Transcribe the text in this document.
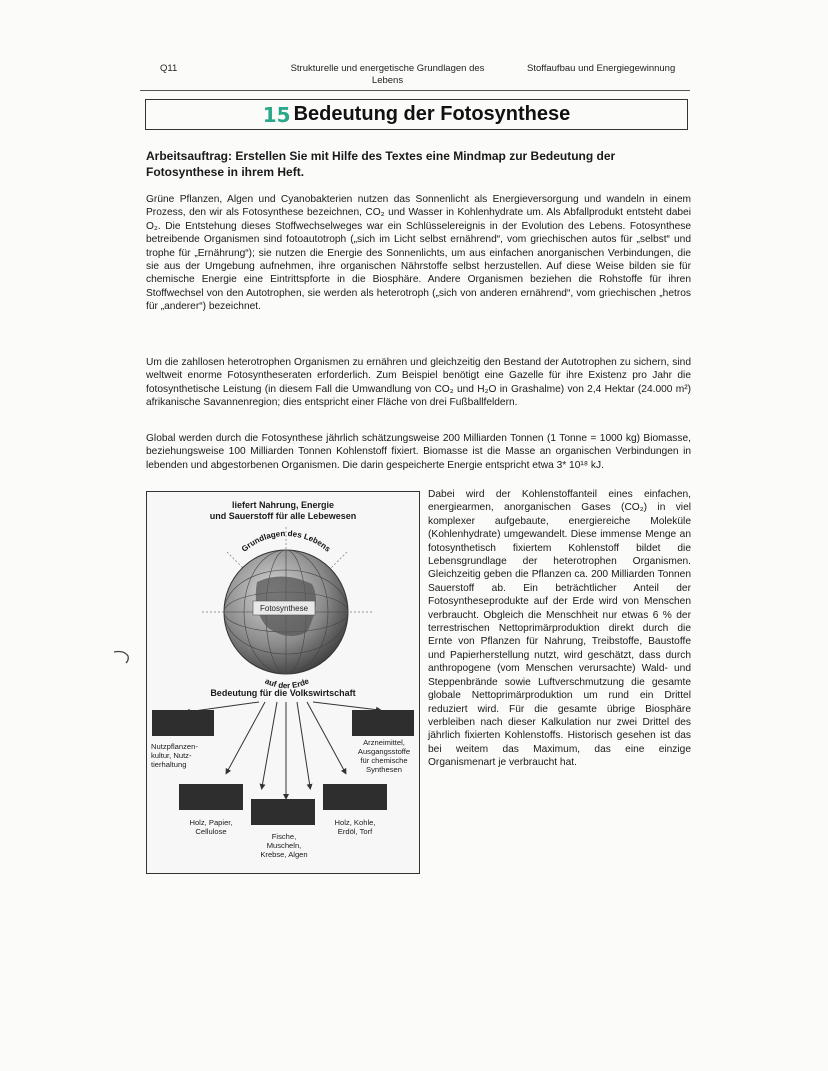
Q11	Strukturelle und energetische Grundlagen des Lebens
Stoffaufbau und Energiegewinnung
15 Bedeutung der Fotosynthese
Arbeitsauftrag: Erstellen Sie mit Hilfe des Textes eine Mindmap zur Bedeutung der Fotosynthese in ihrem Heft.
Grüne Pflanzen, Algen und Cyanobakterien nutzen das Sonnenlicht als Energieversorgung und wandeln in einem Prozess, den wir als Fotosynthese bezeichnen, CO₂ und Wasser in Kohlenhydrate um. Als Abfallprodukt entsteht dabei O₂. Die Entstehung dieses Stoffwechselweges war ein Schlüsselereignis in der Evolution des Lebens. Fotosynthese betreibende Organismen sind fotoautotroph („sich im Licht selbst ernährend“, vom griechischen autos für „selbst“ und trophe für „Ernährung“); sie nutzen die Energie des Sonnenlichts, um aus einfachen anorganischen Verbindungen, die sie aus der Umgebung aufnehmen, ihre organischen Nährstoffe selbst herzustellen. Auf diese Weise bilden sie für chemische Energie eine Eintrittspforte in die Biosphäre. Andere Organismen beziehen die Rohstoffe für ihren Stoffwechsel von den Autotrophen, sie werden als heterotroph („sich von anderen ernährend“, vom griechischen „hetros für „anderer“) bezeichnet.
Um die zahllosen heterotrophen Organismen zu ernähren und gleichzeitig den Bestand der Autotrophen zu sichern, sind weltweit enorme Fotosyntheseraten erforderlich. Zum Beispiel benötigt eine Gazelle für ihre Existenz pro Jahr die fotosynthetische Leistung (in diesem Fall die Umwandlung von CO₂ und H₂O in Grashalme) von 2,4 Hektar (24.000 m²) afrikanische Savannenregion; dies entspricht einer Fläche von drei Fußballfeldern.
Global werden durch die Fotosynthese jährlich schätzungsweise 200 Milliarden Tonnen (1 Tonne = 1000 kg) Biomasse, beziehungsweise 100 Milliarden Tonnen Kohlenstoff fixiert. Biomasse ist die Masse an organischen Verbindungen in lebenden und abgestorbenen Organismen. Die darin gespeicherte Energie entspricht etwa 3* 10¹⁸ kJ.
Dabei wird der Kohlenstoffanteil eines einfachen, energiearmen, anorganischen Gases (CO₂) in viel komplexer aufgebaute, energiereiche Moleküle (Kohlenhydrate) umgewandelt. Diese immense Menge an fotosynthetisch fixiertem Kohlenstoff bildet die Lebensgrundlage der heterotrophen Organismen. Gleichzeitig geben die Pflanzen ca. 200 Milliarden Tonnen Sauerstoff ab. Ein beträchtlicher Anteil der Fotosyntheseprodukte auf der Erde wird von Menschen verbraucht. Obgleich die Menschheit nur etwas 6 % der terrestrischen Nettoprimärproduktion direkt durch die Ernte von Pflanzen für Nahrung, Treibstoffe, Baustoffe und Papierherstellung nutzt, wird geschätzt, dass durch anthropogene (vom Menschen verursachte) Wald- und Steppenbrände sowie Luftverschmutzung die gesamte globale Nettoprimärproduktion um rund ein Drittel reduziert wird. Für die gesamte übrige Biosphäre verbleiben nach dieser Kalkulation nur zwei Drittel des jährlich fixierten Kohlenstoffs. Historisch gesehen ist das bei weitem das Maximum, das eine einzige Organismenart je verbraucht hat.
liefert Nahrung, Energie
und Sauerstoff für alle Lebewesen
Fotosynthese
Grundlagen des Lebens
auf der Erde
Bedeutung für die Volkswirtschaft
Nutzpflanzen-
kultur, Nutz-
tierhaltung
Arzneimittel,
Ausgangsstoffe
für chemische
Synthesen
Holz, Papier,
Cellulose
Fische,
Muscheln,
Krebse, Algen
Holz, Kohle,
Erdöl, Torf
